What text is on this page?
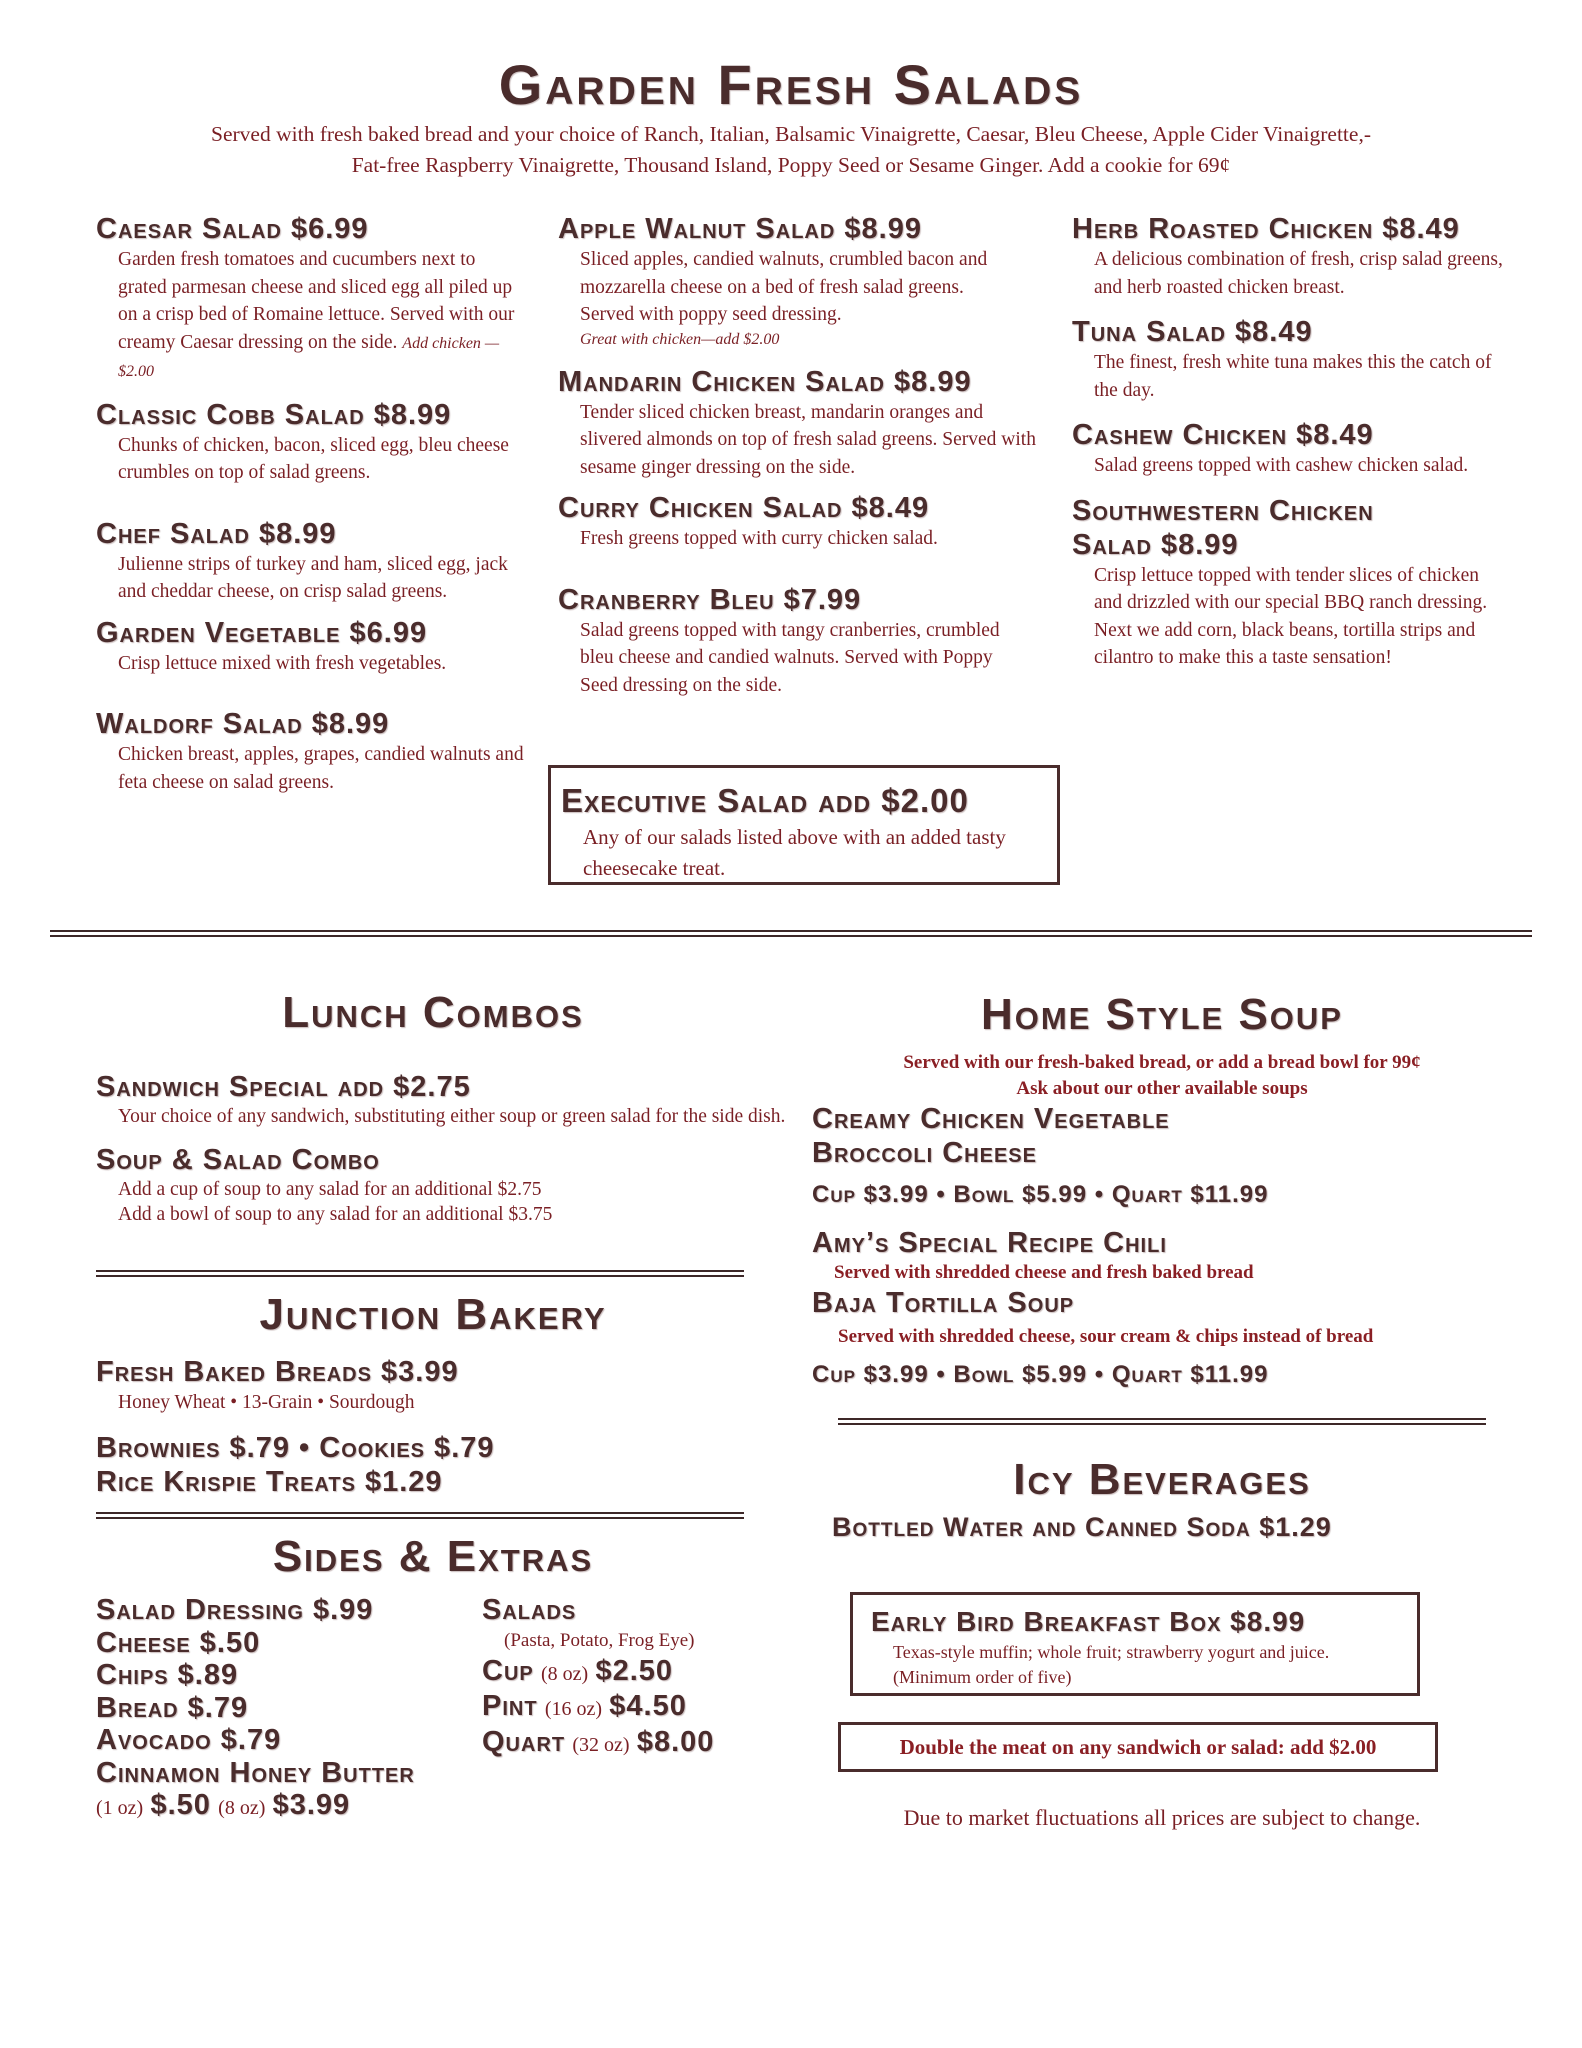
Garden Fresh Salads
Served with fresh baked bread and your choice of Ranch, Italian, Balsamic Vinaigrette, Caesar, Bleu Cheese, Apple Cider Vinaigrette,-
Fat-free Raspberry Vinaigrette, Thousand Island, Poppy Seed or Sesame Ginger. Add a cookie for 69¢
Caesar Salad $6.99
Garden fresh tomatoes and cucumbers next to grated parmesan cheese and sliced egg all piled up on a crisp bed of Romaine lettuce. Served with our creamy Caesar dressing on the side. Add chicken —$2.00
Classic Cobb Salad $8.99
Chunks of chicken, bacon, sliced egg, bleu cheese crumbles on top of salad greens.
Chef Salad $8.99
Julienne strips of turkey and ham, sliced egg, jack and cheddar cheese, on crisp salad greens.
Garden Vegetable $6.99
Crisp lettuce mixed with fresh vegetables.
Waldorf Salad $8.99
Chicken breast, apples, grapes, candied walnuts and feta cheese on salad greens.
Apple Walnut Salad $8.99
Sliced apples, candied walnuts, crumbled bacon and mozzarella cheese on a bed of fresh salad greens. Served with poppy seed dressing.
Great with chicken—add $2.00
Mandarin Chicken Salad $8.99
Tender sliced chicken breast, mandarin oranges and slivered almonds on top of fresh salad greens. Served with sesame ginger dressing on the side.
Curry Chicken Salad $8.49
Fresh greens topped with curry chicken salad.
Cranberry Bleu $7.99
Salad greens topped with tangy cranberries, crumbled bleu cheese and candied walnuts. Served with Poppy Seed dressing on the side.
Herb Roasted Chicken $8.49
A delicious combination of fresh, crisp salad greens, and herb roasted chicken breast.
Tuna Salad $8.49
The finest, fresh white tuna makes this the catch of the day.
Cashew Chicken $8.49
Salad greens topped with cashew chicken salad.
Southwestern Chicken
Salad $8.99
Crisp lettuce topped with tender slices of chicken and drizzled with our special BBQ ranch dressing. Next we add corn, black beans, tortilla strips and cilantro to make this a taste sensation!
Executive Salad add $2.00
Any of our salads listed above with an added tasty cheesecake treat.
Lunch Combos
Sandwich Special add $2.75
Your choice of any sandwich, substituting either soup or green salad for the side dish.
Soup & Salad Combo
Add a cup of soup to any salad for an additional $2.75
Add a bowl of soup to any salad for an additional $3.75
Junction Bakery
Fresh Baked Breads $3.99
Honey Wheat • 13-Grain • Sourdough
Brownies $.79 • Cookies $.79
Rice Krispie Treats $1.29
Sides & Extras
Salad Dressing $.99
Cheese $.50
Chips $.89
Bread $.79
Avocado $.79
Cinnamon Honey Butter
(1 oz) $.50 (8 oz) $3.99
Salads
(Pasta, Potato, Frog Eye)
Cup (8 oz) $2.50
Pint (16 oz) $4.50
Quart (32 oz) $8.00
Home Style Soup
Served with our fresh-baked bread, or add a bread bowl for 99¢
Ask about our other available soups
Creamy Chicken Vegetable
Broccoli Cheese
Cup $3.99 • Bowl $5.99 • Quart $11.99
Amy’s Special Recipe Chili
Served with shredded cheese and fresh baked bread
Baja Tortilla Soup
Served with shredded cheese, sour cream & chips instead of bread
Cup $3.99 • Bowl $5.99 • Quart $11.99
Icy Beverages
Bottled Water and Canned Soda $1.29
Early Bird Breakfast Box $8.99
Texas-style muffin; whole fruit; strawberry yogurt and juice.
(Minimum order of five)
Double the meat on any sandwich or salad: add $2.00
Due to market fluctuations all prices are subject to change.
